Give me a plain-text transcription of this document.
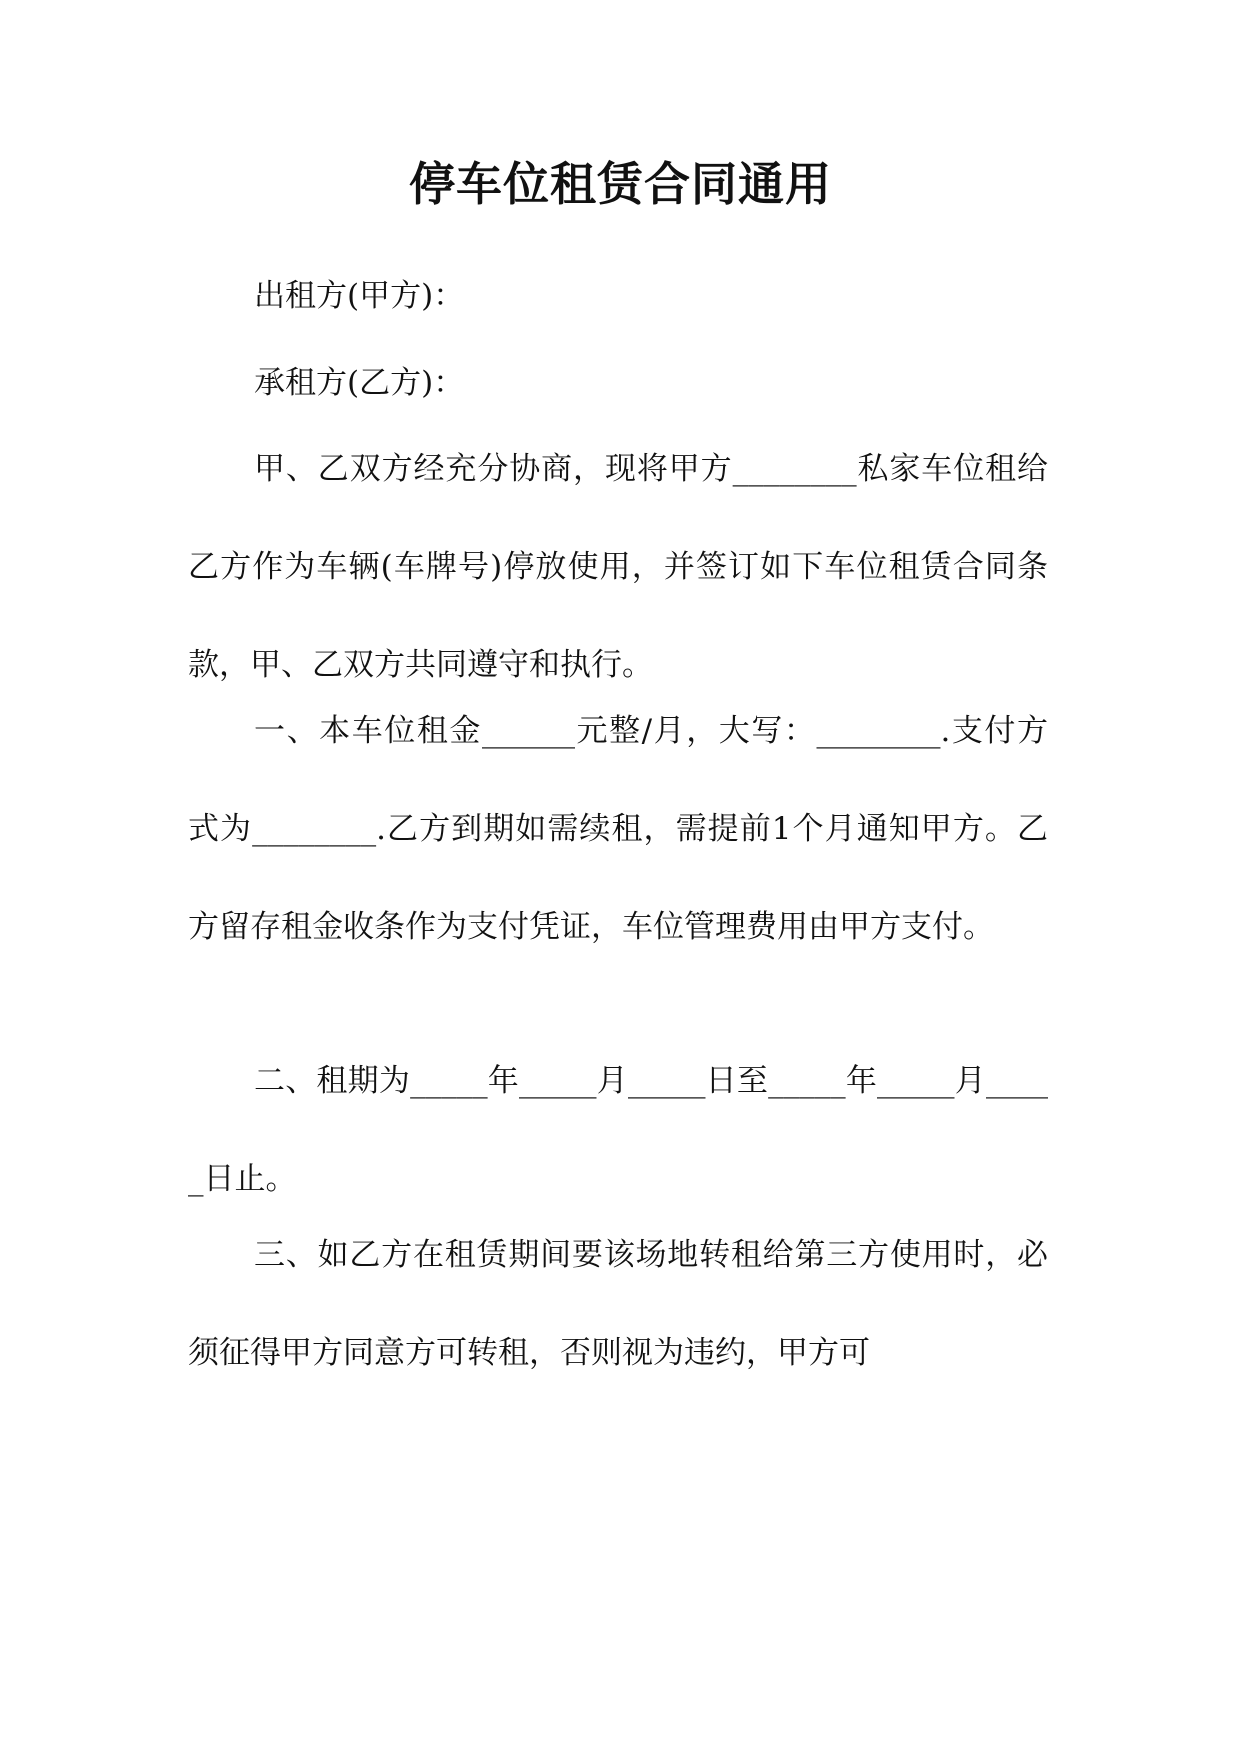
停车位租赁合同通用
出租方(甲方)：
承租方(乙方)：
甲、乙双方经充分协商，现将甲方________私家车位租给乙方作为车辆(车牌号)停放使用，并签订如下车位租赁合同条款，甲、乙双方共同遵守和执行。
一、本车位租金______元整/月，大写：________.支付方式为________.乙方到期如需续租，需提前1个月通知甲方。乙方留存租金收条作为支付凭证，车位管理费用由甲方支付。
二、租期为_____年_____月_____日至_____年_____月_____日止。
三、如乙方在租赁期间要该场地转租给第三方使用时，必须征得甲方同意方可转租，否则视为违约，甲方可
